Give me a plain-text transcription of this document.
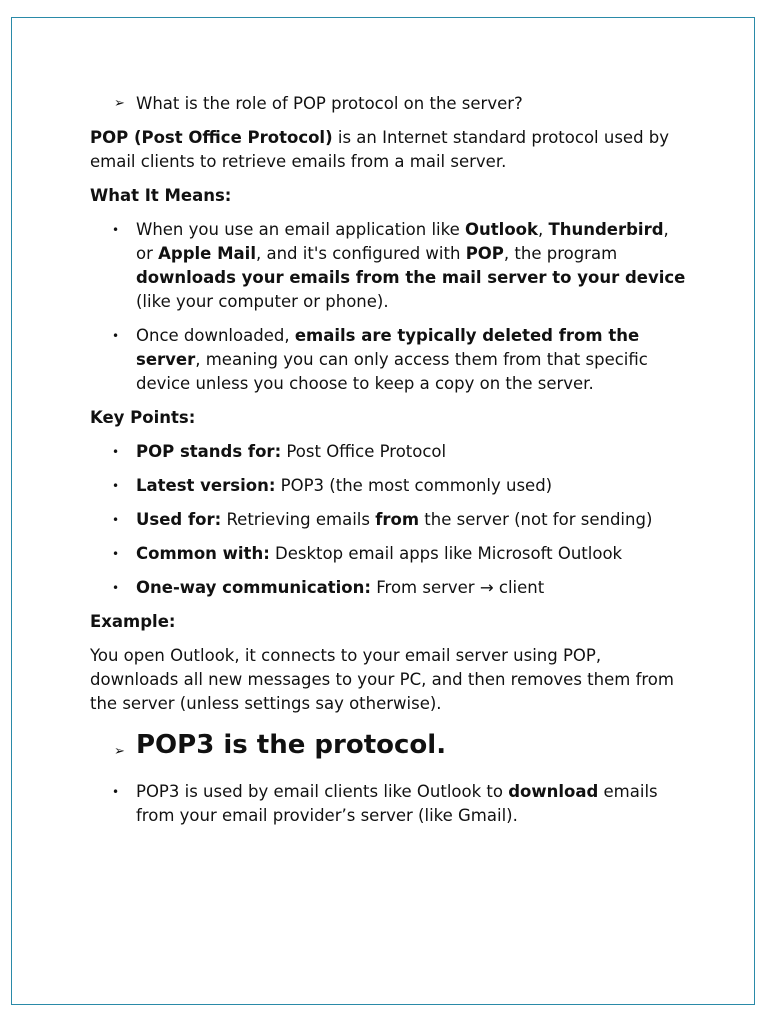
➢ What is the role of POP protocol on the server?

POP (Post Office Protocol) is an Internet standard protocol used by email clients to retrieve emails from a mail server.

What It Means:

• When you use an email application like Outlook, Thunderbird, or Apple Mail, and it's configured with POP, the program downloads your emails from the mail server to your device (like your computer or phone).
• Once downloaded, emails are typically deleted from the server, meaning you can only access them from that specific device unless you choose to keep a copy on the server.

Key Points:

• POP stands for: Post Office Protocol
• Latest version: POP3 (the most commonly used)
• Used for: Retrieving emails from the server (not for sending)
• Common with: Desktop email apps like Microsoft Outlook
• One-way communication: From server → client

Example:

You open Outlook, it connects to your email server using POP, downloads all new messages to your PC, and then removes them from the server (unless settings say otherwise).

➢ POP3 is the protocol.
• POP3 is used by email clients like Outlook to download emails from your email provider’s server (like Gmail).
